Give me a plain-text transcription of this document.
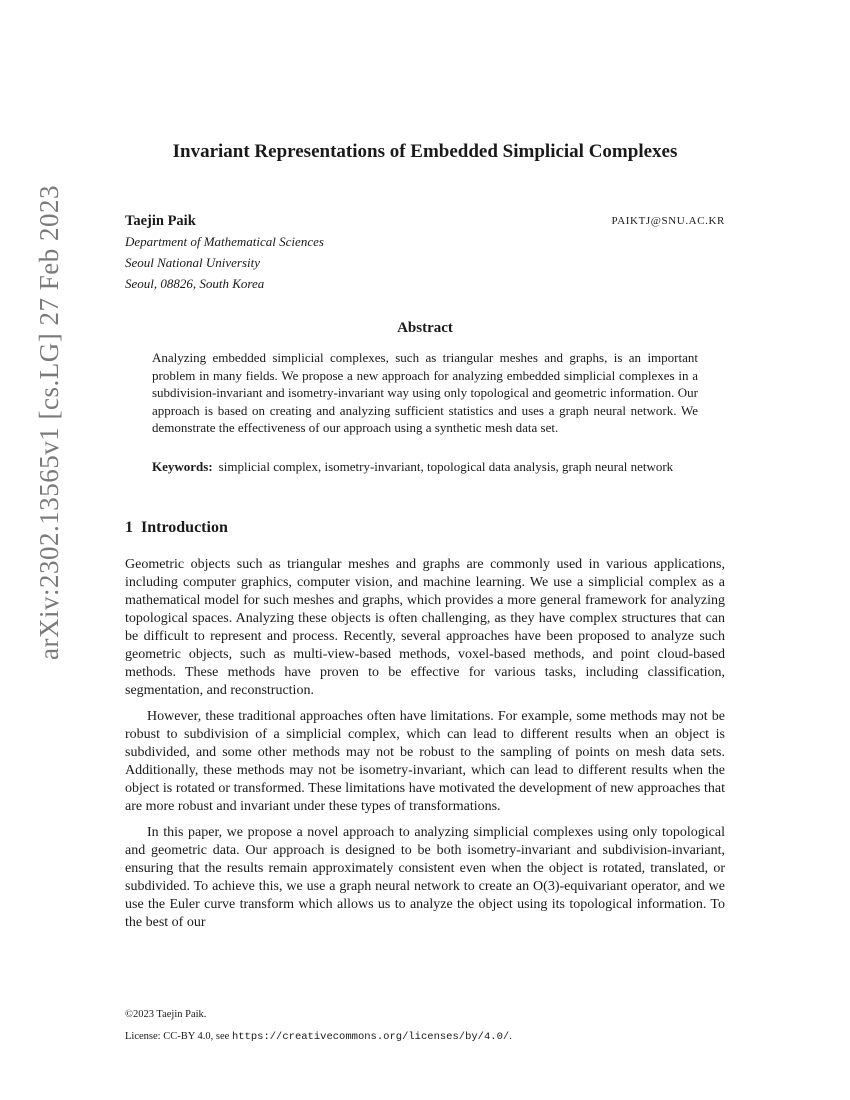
arXiv:2302.13565v1 [cs.LG] 27 Feb 2023
Invariant Representations of Embedded Simplicial Complexes
Taejin Paik	PAIKTJ@SNU.AC.KR
Department of Mathematical Sciences
Seoul National University
Seoul, 08826, South Korea
Abstract
Analyzing embedded simplicial complexes, such as triangular meshes and graphs, is an important problem in many fields. We propose a new approach for analyzing embedded simplicial complexes in a subdivision-invariant and isometry-invariant way using only topological and geometric information. Our approach is based on creating and analyzing sufficient statistics and uses a graph neural network. We demonstrate the effectiveness of our approach using a synthetic mesh data set.
Keywords: simplicial complex, isometry-invariant, topological data analysis, graph neural network
1 Introduction

Geometric objects such as triangular meshes and graphs are commonly used in various applications, including computer graphics, computer vision, and machine learning. We use a simplicial complex as a mathematical model for such meshes and graphs, which provides a more general framework for analyzing topological spaces. Analyzing these objects is often challenging, as they have complex structures that can be difficult to represent and process. Recently, several approaches have been proposed to analyze such geometric objects, such as multi-view-based methods, voxel-based methods, and point cloud-based methods. These methods have proven to be effective for various tasks, including classification, segmentation, and reconstruction.

However, these traditional approaches often have limitations. For example, some methods may not be robust to subdivision of a simplicial complex, which can lead to different results when an object is subdivided, and some other methods may not be robust to the sampling of points on mesh data sets. Additionally, these methods may not be isometry-invariant, which can lead to different results when the object is rotated or transformed. These limitations have motivated the development of new approaches that are more robust and invariant under these types of transformations.

In this paper, we propose a novel approach to analyzing simplicial complexes using only topological and geometric data. Our approach is designed to be both isometry-invariant and subdivision-invariant, ensuring that the results remain approximately consistent even when the object is rotated, translated, or subdivided. To achieve this, we use a graph neural network to create an O(3)-equivariant operator, and we use the Euler curve transform which allows us to analyze the object using its topological information. To the best of our

©2023 Taejin Paik.
License: CC-BY 4.0, see https://creativecommons.org/licenses/by/4.0/.
